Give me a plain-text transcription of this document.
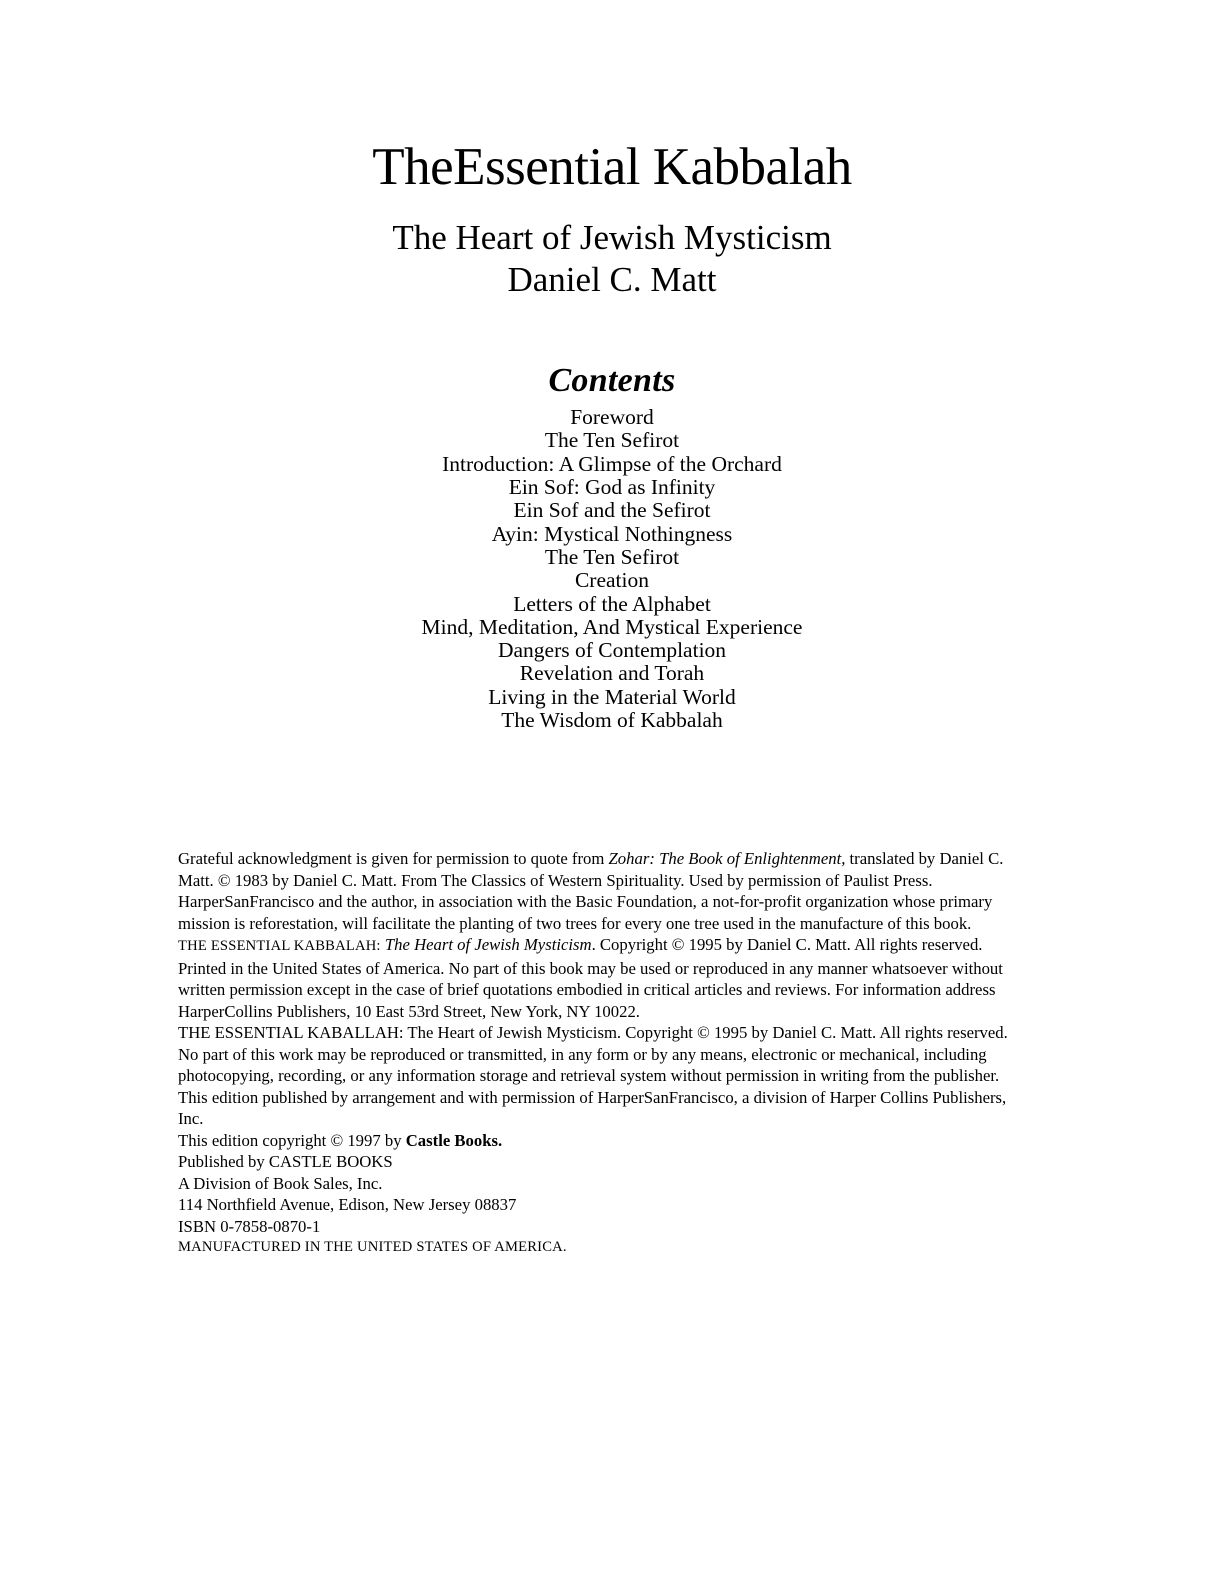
TheEssential Kabbalah
The Heart of Jewish Mysticism
Daniel C. Matt
Contents
Foreword
The Ten Sefirot
Introduction: A Glimpse of the Orchard
Ein Sof: God as Infinity
Ein Sof and the Sefirot
Ayin: Mystical Nothingness
The Ten Sefirot
Creation
Letters of the Alphabet
Mind, Meditation, And Mystical Experience
Dangers of Contemplation
Revelation and Torah
Living in the Material World
The Wisdom of Kabbalah

Grateful acknowledgment is given for permission to quote from Zohar: The Book of Enlightenment, translated by Daniel C. Matt. © 1983 by Daniel C. Matt. From The Classics of Western Spirituality. Used by permission of Paulist Press.

HarperSanFrancisco and the author, in association with the Basic Foundation, a not-for-profit organization whose primary mission is reforestation, will facilitate the planting of two trees for every one tree used in the manufacture of this book.

THE ESSENTIAL KABBALAH: The Heart of Jewish Mysticism. Copyright © 1995 by Daniel C. Matt. All rights reserved. Printed in the United States of America. No part of this book may be used or reproduced in any manner whatsoever without written permission except in the case of brief quotations embodied in critical articles and reviews. For information address HarperCollins Publishers, 10 East 53rd Street, New York, NY 10022.

THE ESSENTIAL KABALLAH: The Heart of Jewish Mysticism. Copyright © 1995 by Daniel C. Matt. All rights reserved. No part of this work may be reproduced or transmitted, in any form or by any means, electronic or mechanical, including photocopying, recording, or any information storage and retrieval system without permission in writing from the publisher.

This edition published by arrangement and with permission of HarperSanFrancisco, a division of Harper Collins Publishers, Inc.

This edition copyright © 1997 by Castle Books.

Published by CASTLE BOOKS

A Division of Book Sales, Inc.

114 Northfield Avenue, Edison, New Jersey 08837

ISBN 0-7858-0870-1

MANUFACTURED IN THE UNITED STATES OF AMERICA.
